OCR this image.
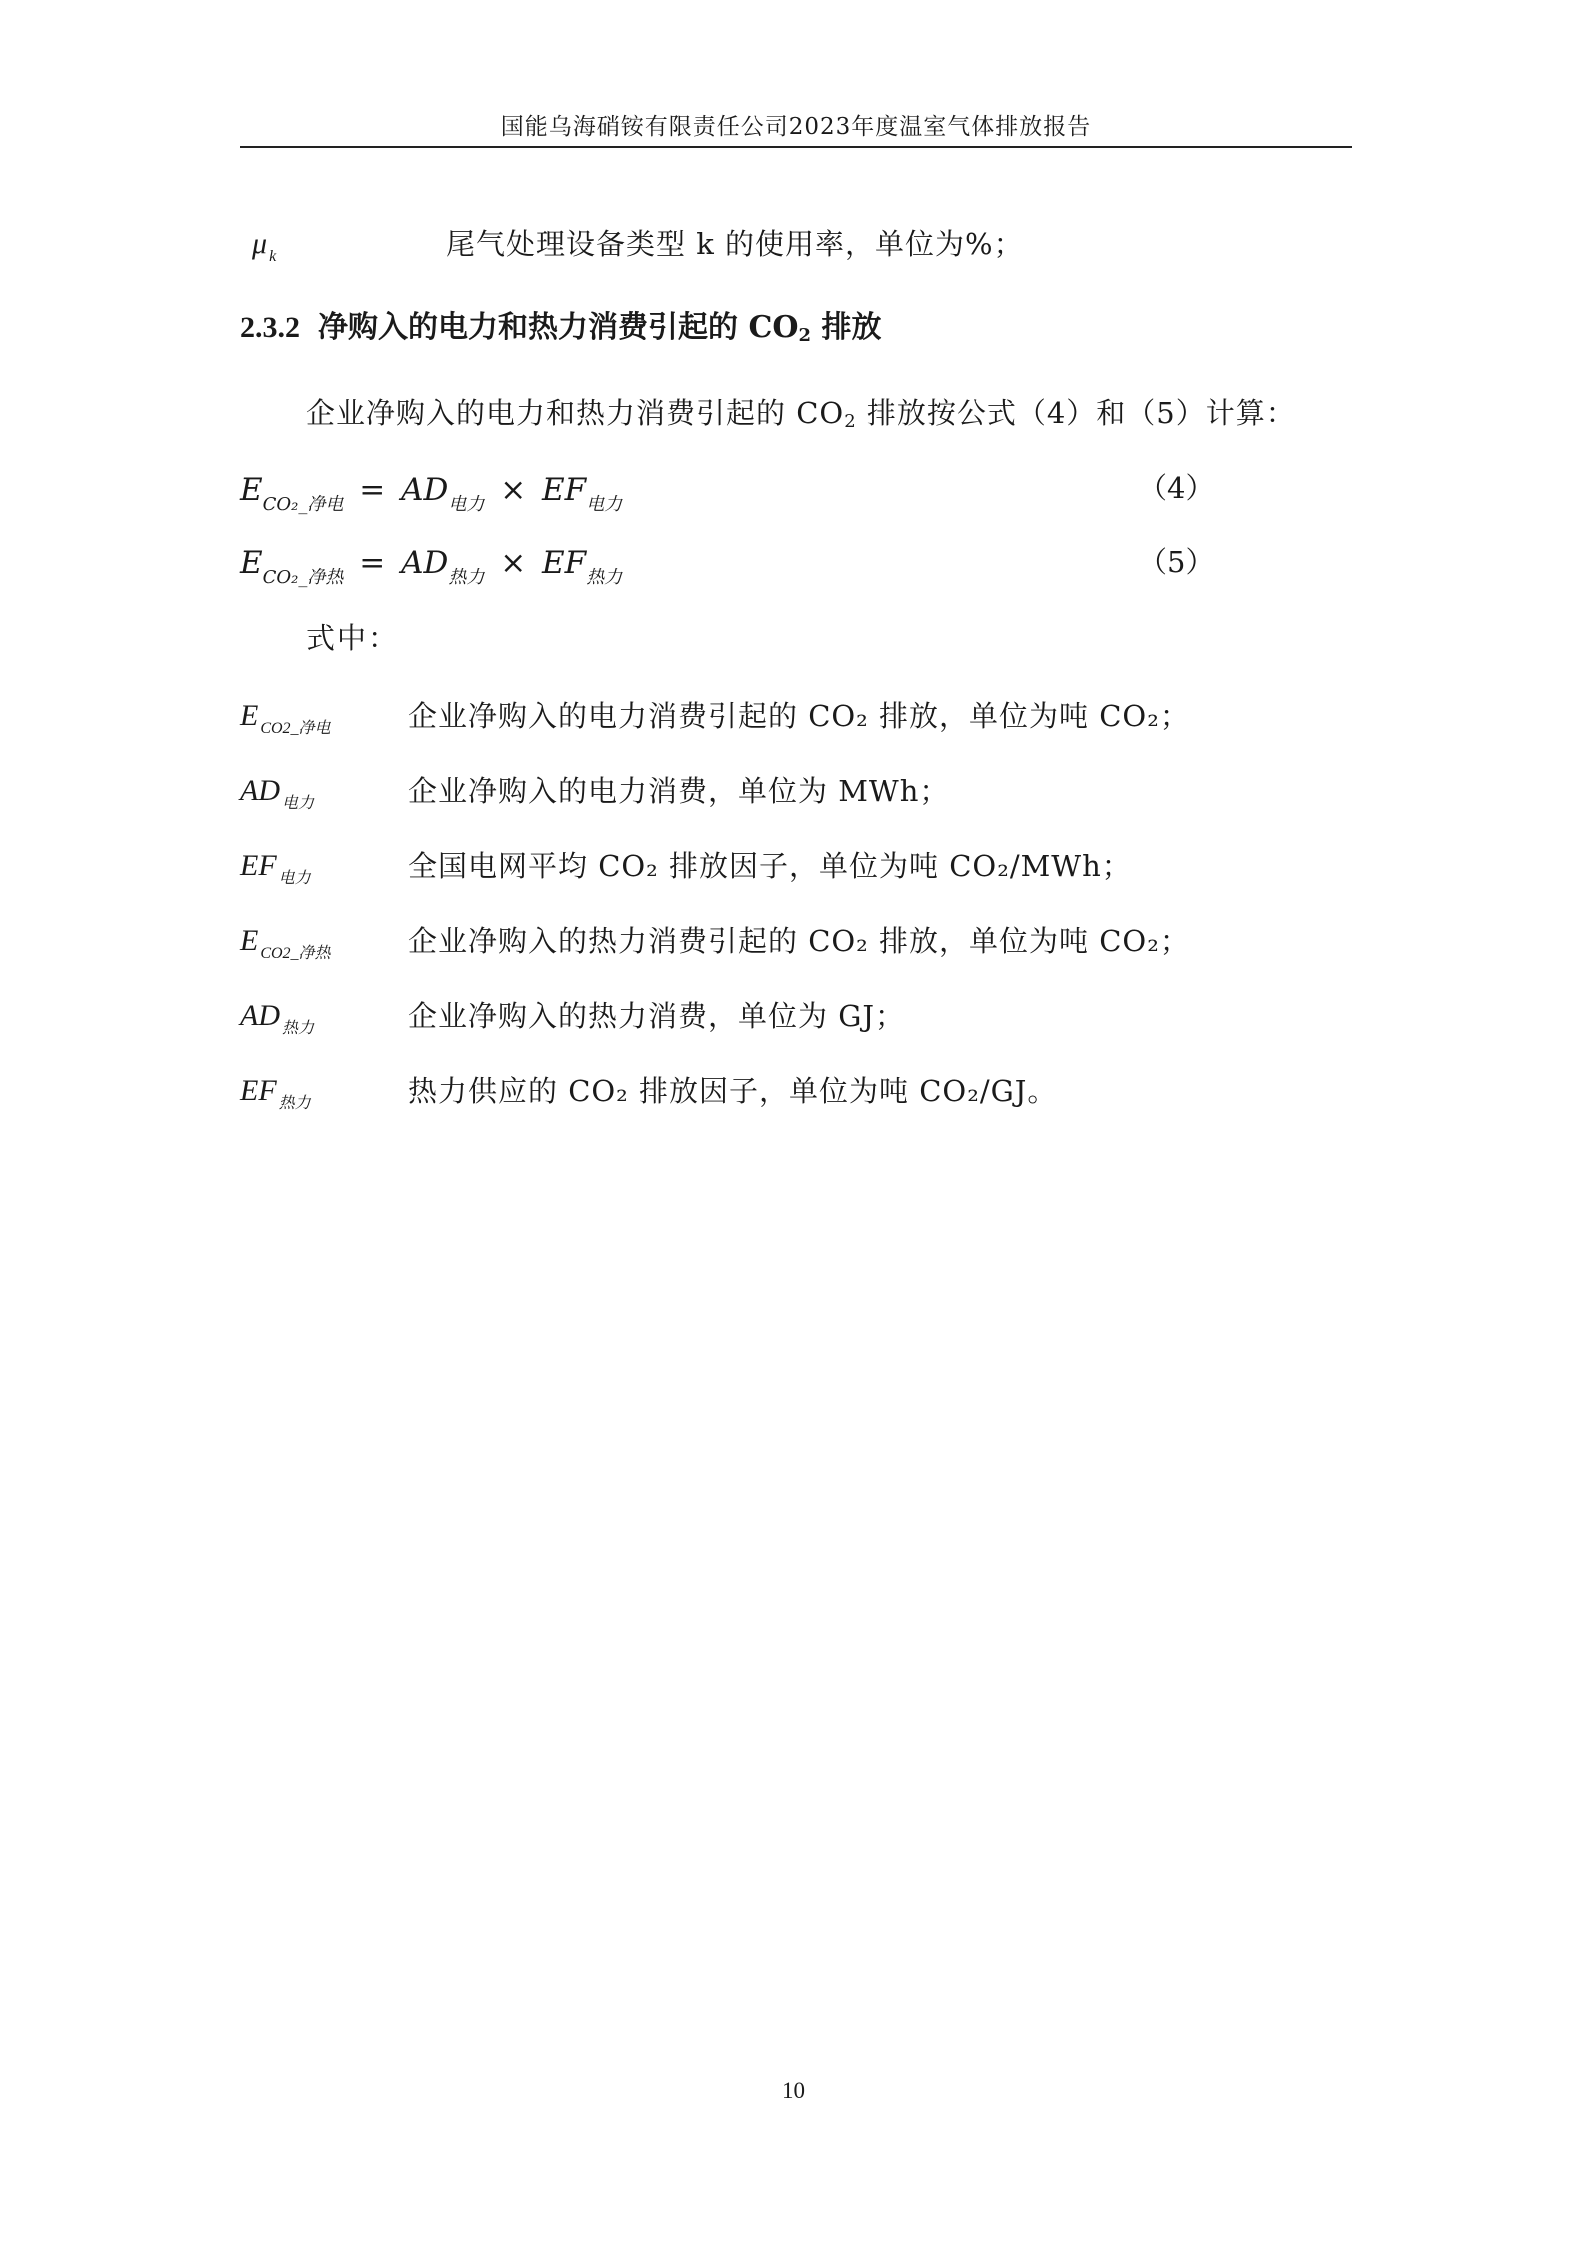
国能乌海硝铵有限责任公司2023年度温室气体排放报告
μ $_k$	尾气处理设备类型 k 的使用率，单位为%；
2.3.2 净购入的电力和热力消费引起的 $CO_2$ 排放
企业净购入的电力和热力消费引起的 $CO_2$ 排放按公式（4）和（5）计算：
$E_{CO_2\_净电} = AD_{电力} \times EF_{电力}$	（4）
$E_{CO_2\_净热} = AD_{热力} \times EF_{热力}$	（5）
式中：
E $_{CO2\_净电}$	企业净购入的电力消费引起的 CO₂ 排放，单位为吨 CO₂；
AD $_{电力}$	企业净购入的电力消费，单位为 MWh；
EF $_{电力}$	全国电网平均 CO₂ 排放因子，单位为吨 CO₂/MWh；
E $_{CO2\_净热}$	企业净购入的热力消费引起的 CO₂ 排放，单位为吨 CO₂；
AD $_{热力}$	企业净购入的热力消费，单位为 GJ；
EF $_{热力}$	热力供应的 CO₂ 排放因子，单位为吨 CO₂/GJ。
10
